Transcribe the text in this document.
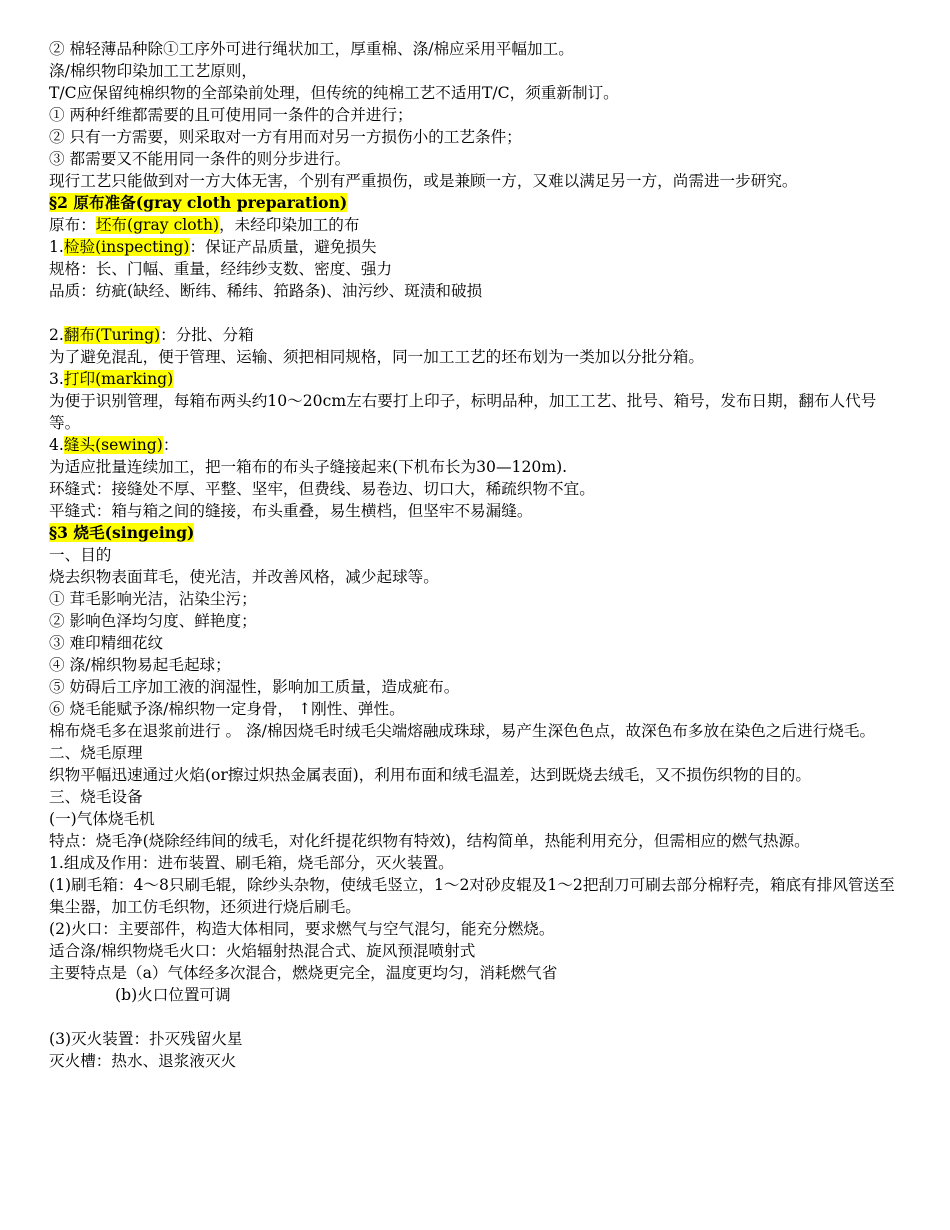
② 棉轻薄品种除①工序外可进行绳状加工，厚重棉、涤/棉应采用平幅加工。

涤/棉织物印染加工工艺原则，

T/C应保留纯棉织物的全部染前处理，但传统的纯棉工艺不适用T/C，须重新制订。

① 两种纤维都需要的且可使用同一条件的合并进行；

② 只有一方需要，则采取对一方有用而对另一方损伤小的工艺条件；

③ 都需要又不能用同一条件的则分步进行。

现行工艺只能做到对一方大体无害，个别有严重损伤，或是兼顾一方，又难以满足另一方，尚需进一步研究。

§2 原布准备(gray cloth preparation)

原布：坯布(gray cloth)，未经印染加工的布

1.检验(inspecting)：保证产品质量，避免损失

规格：长、门幅、重量，经纬纱支数、密度、强力

品质：纺疵(缺经、断纬、稀纬、筘路条)、油污纱、斑渍和破损

2.翻布(Turing)：分批、分箱

为了避免混乱，便于管理、运输、须把相同规格，同一加工工艺的坯布划为一类加以分批分箱。

3.打印(marking)

为便于识别管理，每箱布两头约10～20cm左右要打上印子，标明品种，加工工艺、批号、箱号，发布日期，翻布人代号等。

4.缝头(sewing)：

为适应批量连续加工，把一箱布的布头子缝接起来(下机布长为30—120m).

环缝式：接缝处不厚、平整、坚牢，但费线、易卷边、切口大，稀疏织物不宜。

平缝式：箱与箱之间的缝接，布头重叠，易生横档，但坚牢不易漏缝。

§3 烧毛(singeing)

一、目的

烧去织物表面茸毛，使光洁，并改善风格，减少起球等。

① 茸毛影响光洁，沾染尘污；

② 影响色泽均匀度、鲜艳度；

③ 难印精细花纹

④ 涤/棉织物易起毛起球；

⑤ 妨碍后工序加工液的润湿性，影响加工质量，造成疵布。

⑥ 烧毛能赋予涤/棉织物一定身骨， ↑刚性、弹性。

棉布烧毛多在退浆前进行 。 涤/棉因烧毛时绒毛尖端熔融成珠球，易产生深色色点，故深色布多放在染色之后进行烧毛。

二、烧毛原理

织物平幅迅速通过火焰(or擦过炽热金属表面)，利用布面和绒毛温差，达到既烧去绒毛，又不损伤织物的目的。

三、烧毛设备

(一)气体烧毛机

特点：烧毛净(烧除经纬间的绒毛，对化纤提花织物有特效)，结构简单，热能利用充分，但需相应的燃气热源。

1.组成及作用：进布装置、刷毛箱，烧毛部分，灭火装置。

(1)刷毛箱：4～8只刷毛辊，除纱头杂物，使绒毛竖立，1～2对砂皮辊及1～2把刮刀可刷去部分棉籽壳，箱底有排风管送至集尘器，加工仿毛织物，还须进行烧后刷毛。

(2)火口：主要部件，构造大体相同，要求燃气与空气混匀，能充分燃烧。

适合涤/棉织物烧毛火口：火焰辐射热混合式、旋风预混喷射式

主要特点是（a）气体经多次混合，燃烧更完全，温度更均匀，消耗燃气省

(b)火口位置可调

(3)灭火装置：扑灭残留火星

灭火槽：热水、退浆液灭火
